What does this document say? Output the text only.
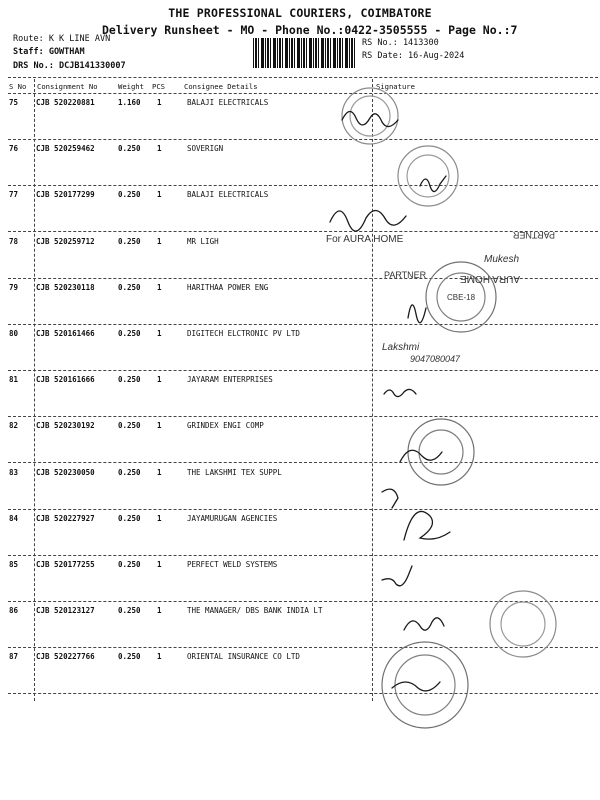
THE PROFESSIONAL COURIERS, COIMBATORE
Delivery Runsheet - MO - Phone No.:0422-3505555 - Page No.:7
Route: K K LINE AVN
Staff: GOWTHAM
DRS No.: DCJB141330007
RS No.: 1413300
RS Date: 16-Aug-2024
S No Consignment No	Weight PCS	Consignee Details	Signature
75 CJB 520220881	1.160 1	BALAJI ELECTRICALS
76 CJB 520259462	0.250 1	SOVERIGN
77 CJB 520177299	0.250 1	BALAJI ELECTRICALS
78 CJB 520259712	0.250 1	MR LIGH
79 CJB 520230118	0.250 1	HARITHAA POWER ENG
80 CJB 520161466	0.250 1	DIGITECH ELCTRONIC PV LTD
81 CJB 520161666	0.250 1	JAYARAM ENTERPRISES
82 CJB 520230192	0.250 1	GRINDEX ENGI COMP
83 CJB 520230050	0.250 1	THE LAKSHMI TEX SUPPL
84 CJB 520227927	0.250 1	JAYAMURUGAN AGENCIES
85 CJB 520177255	0.250 1	PERFECT WELD SYSTEMS
86 CJB 520123127	0.250 1	THE MANAGER/ DBS BANK INDIA LT
87 CJB 520227766	0.250 1	ORIENTAL INSURANCE CO LTD
For AURA HOME	PARTNER
PARTNER	AURA HOME
CBE-18
Lakshmi
9047080047
Mukesh
